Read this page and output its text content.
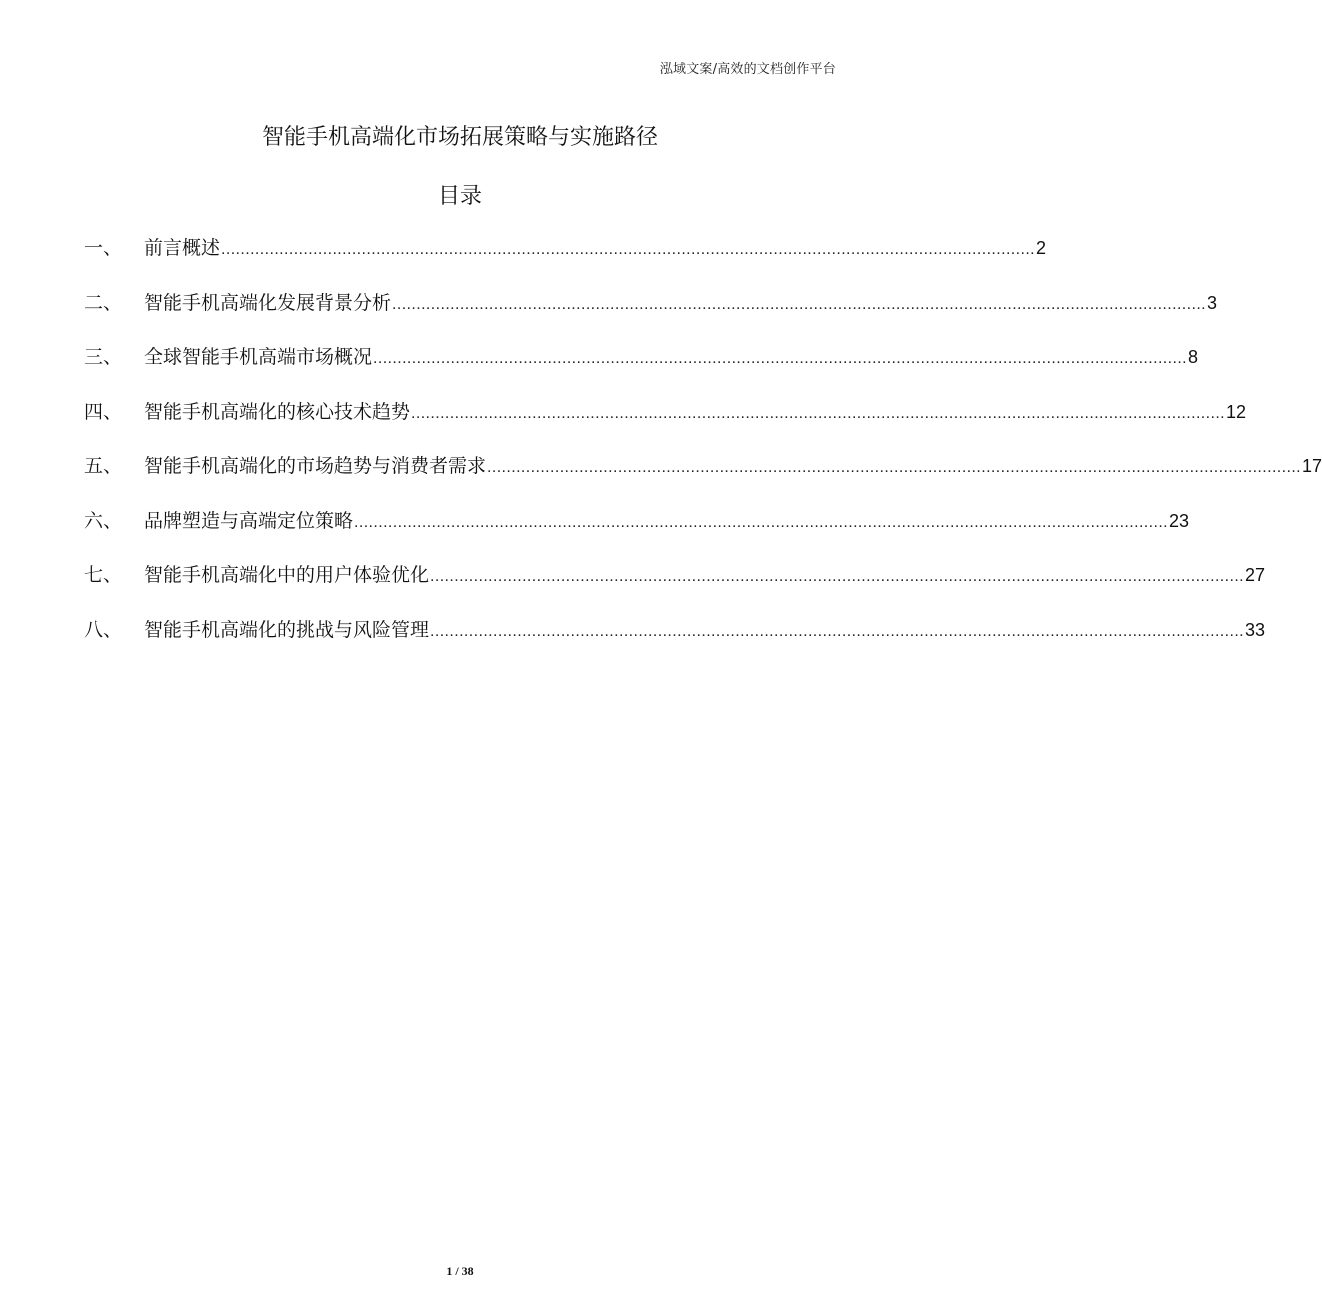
泓域文案/高效的文档创作平台
智能手机高端化市场拓展策略与实施路径
目录
一、	前言概述 ........................................................................................................................................................................ 2
二、	智能手机高端化发展背景分析 ........................................................................................................................................................................ 3
三、	全球智能手机高端市场概况 ........................................................................................................................................................................ 8
四、	智能手机高端化的核心技术趋势 ........................................................................................................................................................................ 12
五、	智能手机高端化的市场趋势与消费者需求 ........................................................................................................................................................................ 17
六、	品牌塑造与高端定位策略 ........................................................................................................................................................................ 23
七、	智能手机高端化中的用户体验优化 ........................................................................................................................................................................ 27
八、	智能手机高端化的挑战与风险管理 ........................................................................................................................................................................ 33
1 / 38
